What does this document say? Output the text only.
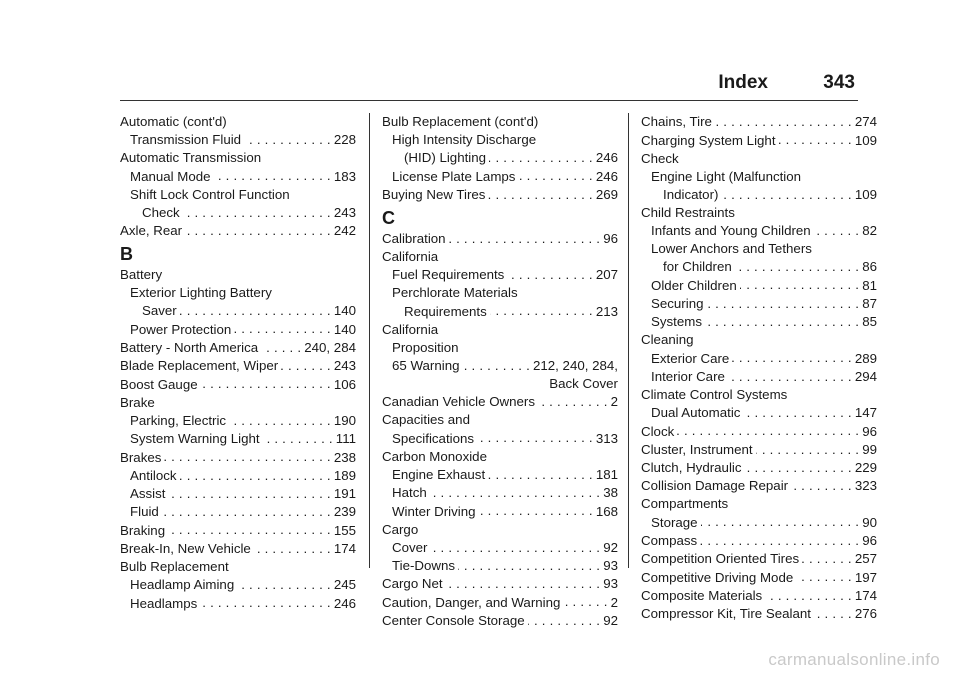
Index	343
Automatic (cont'd)
Transmission Fluid . . .	228
Automatic Transmission
Manual Mode . . .	183
Shift Lock Control Function
Check . . .	243
Axle, Rear . . .	242
B
Battery
Exterior Lighting Battery
Saver . . .	140
Power Protection . . .	140
Battery - North America . . .	240, 284
Blade Replacement, Wiper . . .	243
Boost Gauge . . .	106
Brake
Parking, Electric . . .	190
System Warning Light . . .	111
Brakes . . .	238
Antilock . . .	189
Assist . . .	191
Fluid . . .	239
Braking . . .	155
Break-In, New Vehicle . . .	174
Bulb Replacement
Headlamp Aiming . . .	245
Headlamps . . .	246
Bulb Replacement (cont'd)
High Intensity Discharge
(HID) Lighting . . .	246
License Plate Lamps . . .	246
Buying New Tires . . .	269
C
Calibration . . .	96
California
Fuel Requirements . . .	207
Perchlorate Materials
Requirements . . .	213
California
Proposition
65 Warning . . .	212, 240, 284,
Back Cover
Canadian Vehicle Owners . . .	2
Capacities and
Specifications . . .	313
Carbon Monoxide
Engine Exhaust . . .	181
Hatch . . .	38
Winter Driving . . .	168
Cargo
Cover . . .	92
Tie-Downs . . .	93
Cargo Net . . .	93
Caution, Danger, and Warning . . .	2
Center Console Storage . . .	92
Chains, Tire . . .	274
Charging System Light . . .	109
Check
Engine Light (Malfunction
Indicator) . . .	109
Child Restraints
Infants and Young Children . . .	82
Lower Anchors and Tethers
for Children . . .	86
Older Children . . .	81
Securing . . .	87
Systems . . .	85
Cleaning
Exterior Care . . .	289
Interior Care . . .	294
Climate Control Systems
Dual Automatic . . .	147
Clock . . .	96
Cluster, Instrument . . .	99
Clutch, Hydraulic . . .	229
Collision Damage Repair . . .	323
Compartments
Storage . . .	90
Compass . . .	96
Competition Oriented Tires . . .	257
Competitive Driving Mode . . .	197
Composite Materials . . .	174
Compressor Kit, Tire Sealant . . .	276
carmanualsonline.info
